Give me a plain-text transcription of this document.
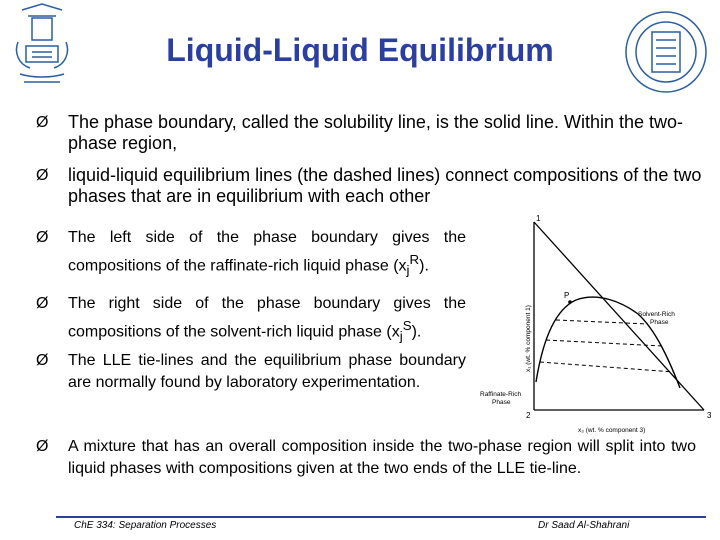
Liquid-Liquid Equilibrium
Ø The phase boundary, called the solubility line, is the solid line. Within the two-phase region,
Ø liquid-liquid equilibrium lines (the dashed lines) connect compositions of the two phases that are in equilibrium with each other
Ø The left side of the phase boundary gives the compositions of the raffinate-rich liquid phase $(x_j^R)$.
Ø The right side of the phase boundary gives the compositions of the solvent-rich liquid phase $(x_j^S)$.
Ø The LLE tie-lines and the equilibrium phase boundary are normally found by laboratory experimentation.
Ø A mixture that has an overall composition inside the two-phase region will split into two liquid phases with compositions given at the two ends of the LLE tie-line.
1
2	3
P
x₁ (wt. % component 1)
x₃ (wt. % component 3)
Solvent-Rich
Phase
Raffinate-Rich
Phase
ChE 334: Separation Processes	Dr Saad Al-Shahrani
